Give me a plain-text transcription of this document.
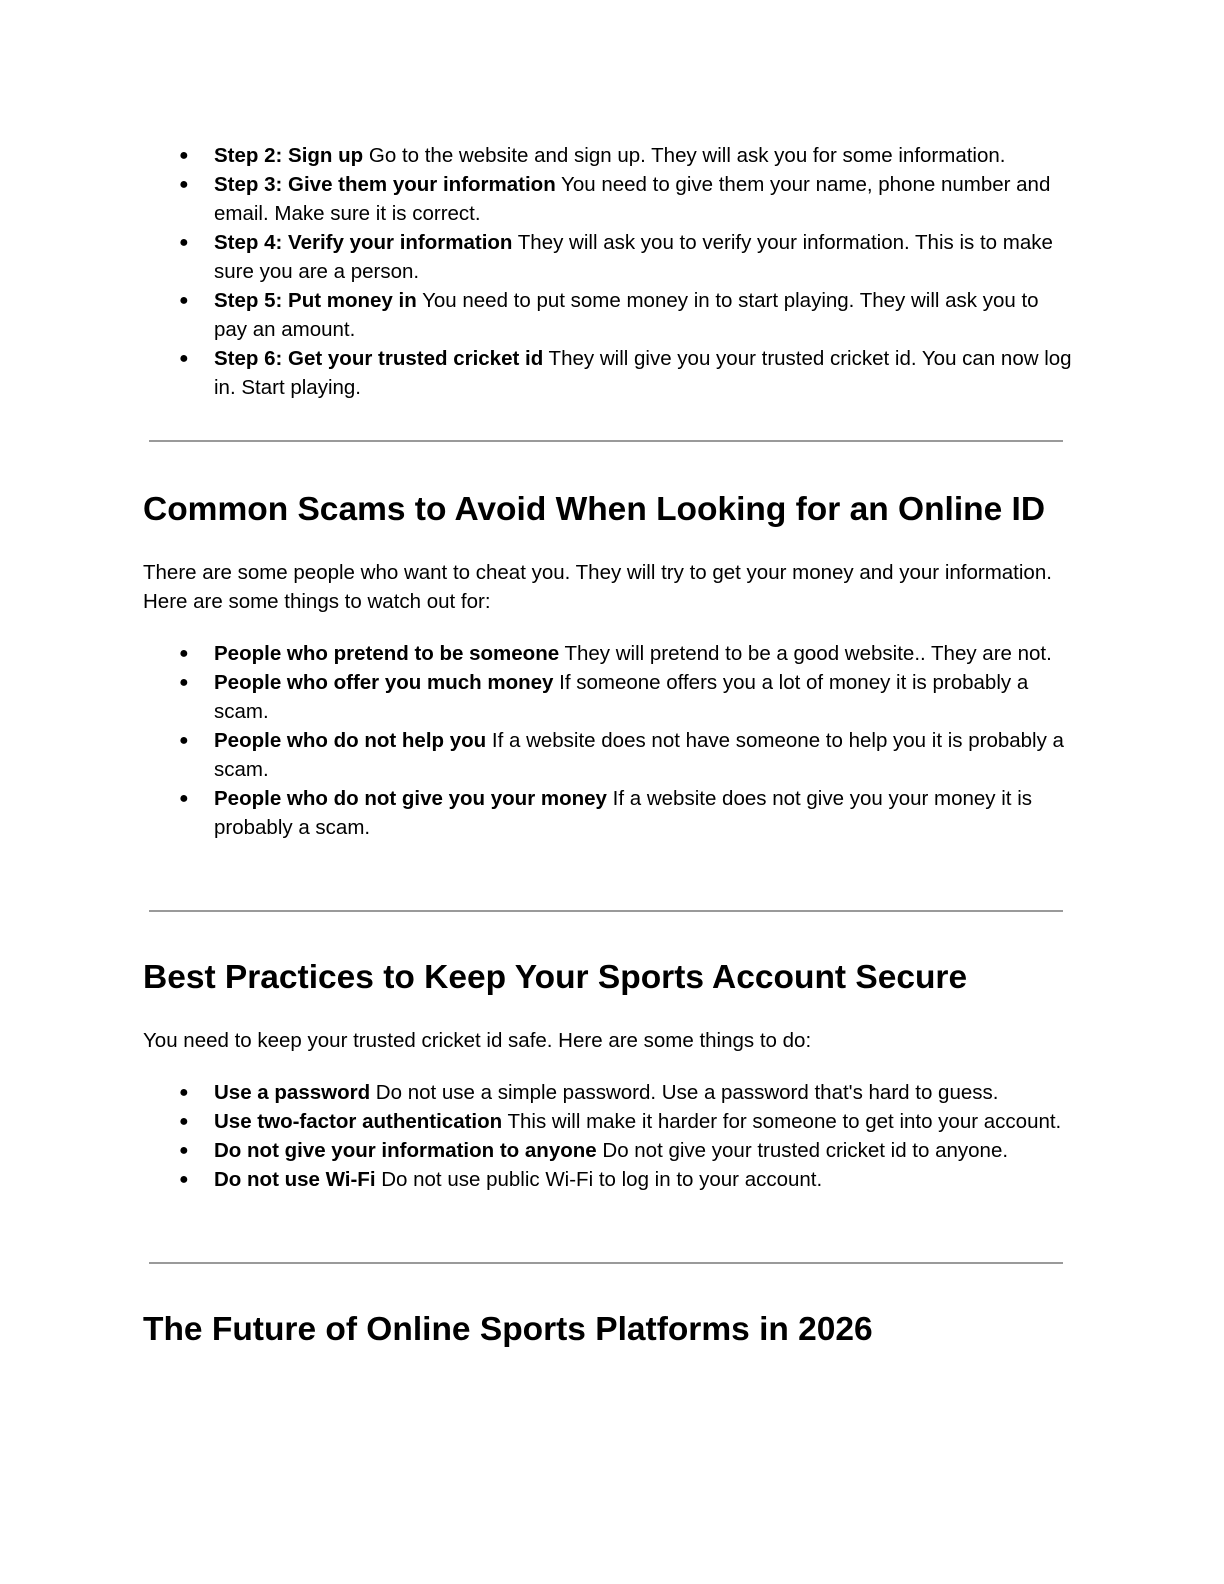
● Step 2: Sign up Go to the website and sign up. They will ask you for some information.
● Step 3: Give them your information You need to give them your name, phone number and email. Make sure it is correct.
● Step 4: Verify your information They will ask you to verify your information. This is to make sure you are a person.
● Step 5: Put money in You need to put some money in to start playing. They will ask you to pay an amount.
● Step 6: Get your trusted cricket id They will give you your trusted cricket id. You can now log in. Start playing.
Common Scams to Avoid When Looking for an Online ID

There are some people who want to cheat you. They will try to get your money and your information. Here are some things to watch out for:

● People who pretend to be someone They will pretend to be a good website.. They are not.
● People who offer you much money If someone offers you a lot of money it is probably a scam.
● People who do not help you If a website does not have someone to help you it is probably a scam.
● People who do not give you your money If a website does not give you your money it is probably a scam.
Best Practices to Keep Your Sports Account Secure

You need to keep your trusted cricket id safe. Here are some things to do:

● Use a password Do not use a simple password. Use a password that's hard to guess.
● Use two-factor authentication This will make it harder for someone to get into your account.
● Do not give your information to anyone Do not give your trusted cricket id to anyone.
● Do not use Wi-Fi Do not use public Wi-Fi to log in to your account.
The Future of Online Sports Platforms in 2026
